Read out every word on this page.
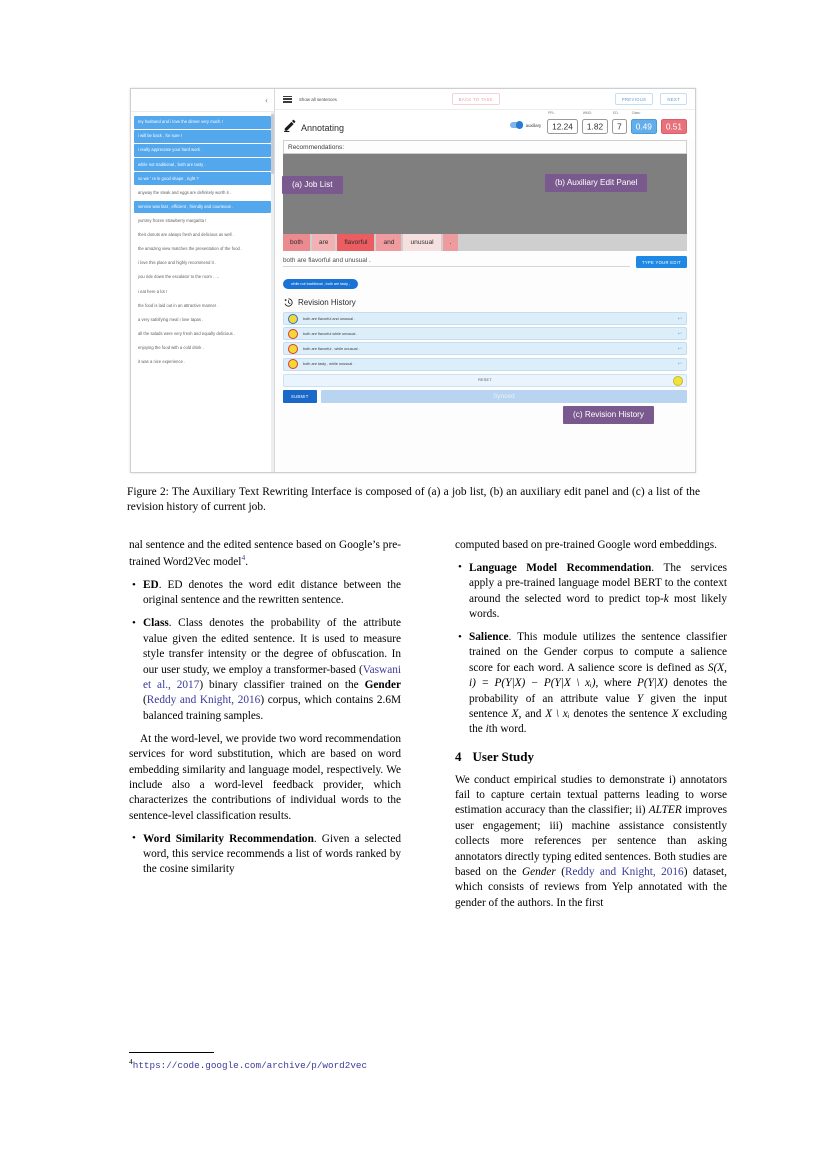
‹
my husband and i love the dinner very much !
i will be back , for sure !
i really appreciate your hard work .
while not traditional , both are tasty .
so we ' re in good shape , right ?
anyway the steak and eggs are definitely worth it .
service was fast , efficient , friendly and courteous .
yummy frozen strawberry margarita !
their donuts are always fresh and delicious as well .
the amazing view matches the presentation of the food .
i love this place and highly recommend it .
you ride down the escalator to the room . ...
i eat here a lot !
the food is laid out in an attractive manner .
a very satisfying meal i love tapas .
all the salads were very fresh and equally delicious .
enjoying the food with a cold drink .
it was a nice experience .
Show all sentences	BACK TO TASK	PREVIOUS	NEXT
Annotating	auxiliary
PPL:
12.24
WMD:
1.82
ED:
7
Class:
0.49	0.51
Recommendations:
both	are	flavorful	and	unusual	.
both are flavorful and unusual .	TYPE YOUR EDIT
while not traditional , both are tasty ,
Revision History
both are flavorful and unusual .	↩
both are flavorful while unusual .	↩
both are flavorful , while unusual .	↩
both are tasty , while unusual .	↩
RESET
SUBMIT	Synced
(a) Job List	(b) Auxiliary Edit Panel
(c) Revision History
Figure 2: The Auxiliary Text Rewriting Interface is composed of (a) a job list, (b) an auxiliary edit panel and (c) a list of the revision history of current job.

nal sentence and the edited sentence based on Google’s pre-trained Word2Vec model$^4$.

• ED. ED denotes the word edit distance between the original sentence and the rewritten sentence.
• Class. Class denotes the probability of the attribute value given the edited sentence. It is used to measure style transfer intensity or the degree of obfuscation. In our user study, we employ a transformer-based (Vaswani et al., 2017) binary classifier trained on the Gender (Reddy and Knight, 2016) corpus, which contains 2.6M balanced training samples.

At the word-level, we provide two word recommendation services for word substitution, which are based on word embedding similarity and language model, respectively. We include also a word-level feedback provider, which characterizes the contributions of individual words to the sentence-level classification results.

• Word Similarity Recommendation. Given a selected word, this service recommends a list of words ranked by the cosine similarity
$^4$https://code.google.com/archive/p/word2vec

computed based on pre-trained Google word embeddings.

• Language Model Recommendation. The services apply a pre-trained language model BERT to the context around the selected word to predict top-k most likely words.
• Salience. This module utilizes the sentence classifier trained on the Gender corpus to compute a salience score for each word. A salience score is defined as S(X, i) = P(Y|X) − P(Y|X \ xᵢ), where P(Y|X) denotes the probability of an attribute value Y given the input sentence X, and X \ xᵢ denotes the sentence X excluding the ith word.
4 User Study

We conduct empirical studies to demonstrate i) annotators fail to capture certain textual patterns leading to worse estimation accuracy than the classifier; ii) ALTER improves user engagement; iii) machine assistance consistently collects more references per sentence than asking annotators directly typing edited sentences. Both studies are based on the Gender (Reddy and Knight, 2016) dataset, which consists of reviews from Yelp annotated with the gender of the authors. In the first
